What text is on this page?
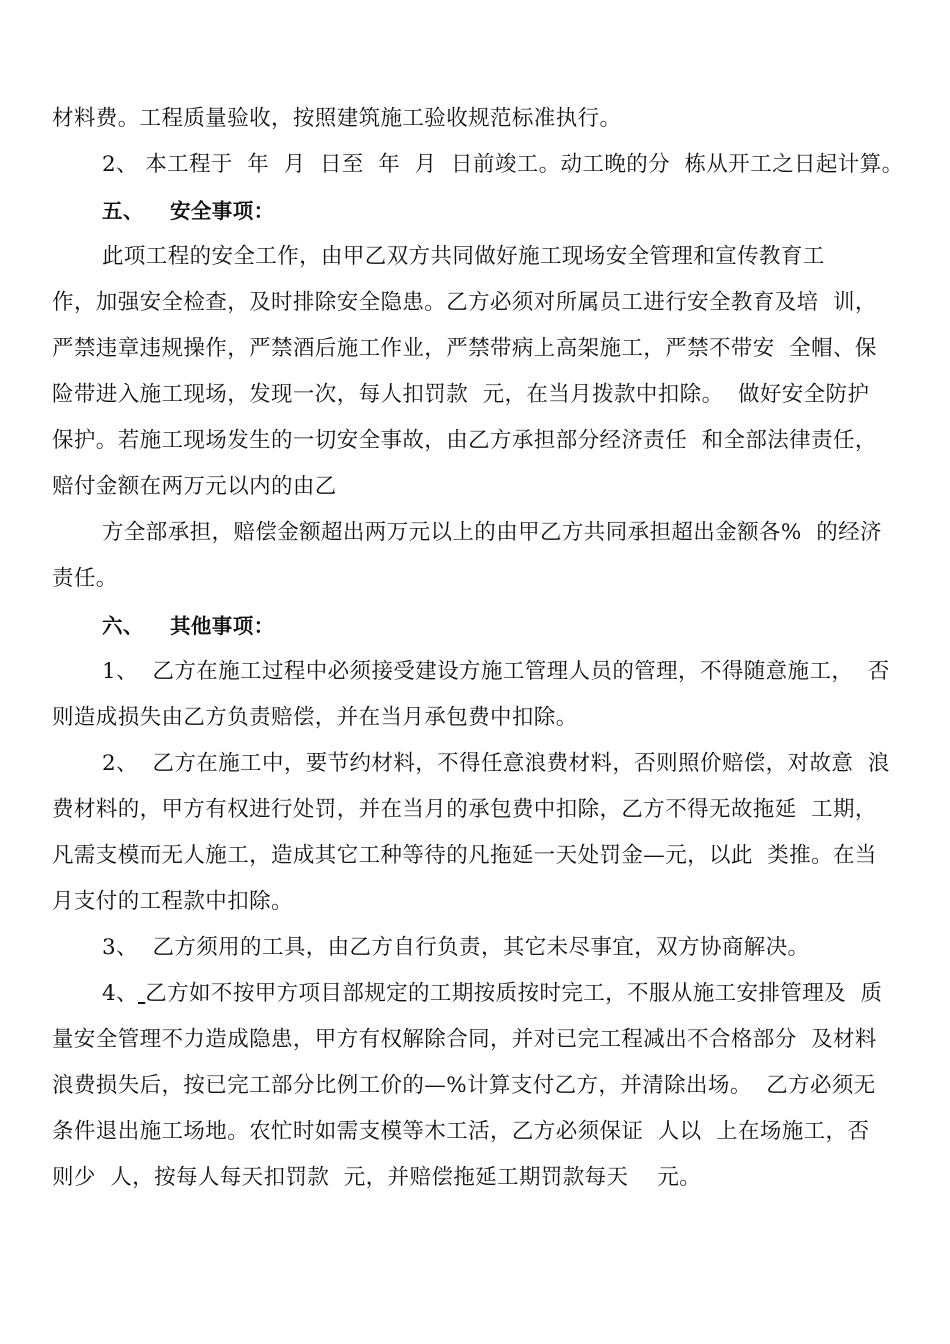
材料费。工程质量验收，按照建筑施工验收规范标准执行。
2、 本工程于  年  月  日至  年  月  日前竣工。动工晚的分  栋从开工之日起计算。
五、 安全事项：
此项工程的安全工作，由甲乙双方共同做好施工现场安全管理和宣传教育工
作，加强安全检查，及时排除安全隐患。乙方必须对所属员工进行安全教育及培  训，
严禁违章违规操作，严禁酒后施工作业，严禁带病上高架施工，严禁不带安  全帽、保
险带进入施工现场，发现一次，每人扣罚款  元，在当月拨款中扣除。  做好安全防护
保护。若施工现场发生的一切安全事故，由乙方承担部分经济责任  和全部法律责任，
赔付金额在两万元以内的由乙
方全部承担，赔偿金额超出两万元以上的由甲乙方共同承担超出金额各%  的经济
责任。
六、 其他事项：
1、  乙方在施工过程中必须接受建设方施工管理人员的管理，不得随意施工，  否
则造成损失由乙方负责赔偿，并在当月承包费中扣除。
2、  乙方在施工中，要节约材料，不得任意浪费材料，否则照价赔偿，对故意  浪
费材料的，甲方有权进行处罚，并在当月的承包费中扣除，乙方不得无故拖延  工期，
凡需支模而无人施工，造成其它工种等待的凡拖延一天处罚金—元，以此  类推。在当
月支付的工程款中扣除。
3、  乙方须用的工具，由乙方自行负责，其它未尽事宜，双方协商解决。
4、 乙方如不按甲方项目部规定的工期按质按时完工，不服从施工安排管理及  质
量安全管理不力造成隐患，甲方有权解除合同，并对已完工程减出不合格部分  及材料
浪费损失后，按已完工部分比例工价的—%计算支付乙方，并清除出场。  乙方必须无
条件退出施工场地。农忙时如需支模等木工活，乙方必须保证  人以  上在场施工，否
则少  人，按每人每天扣罚款  元，并赔偿拖延工期罚款每天    元。
